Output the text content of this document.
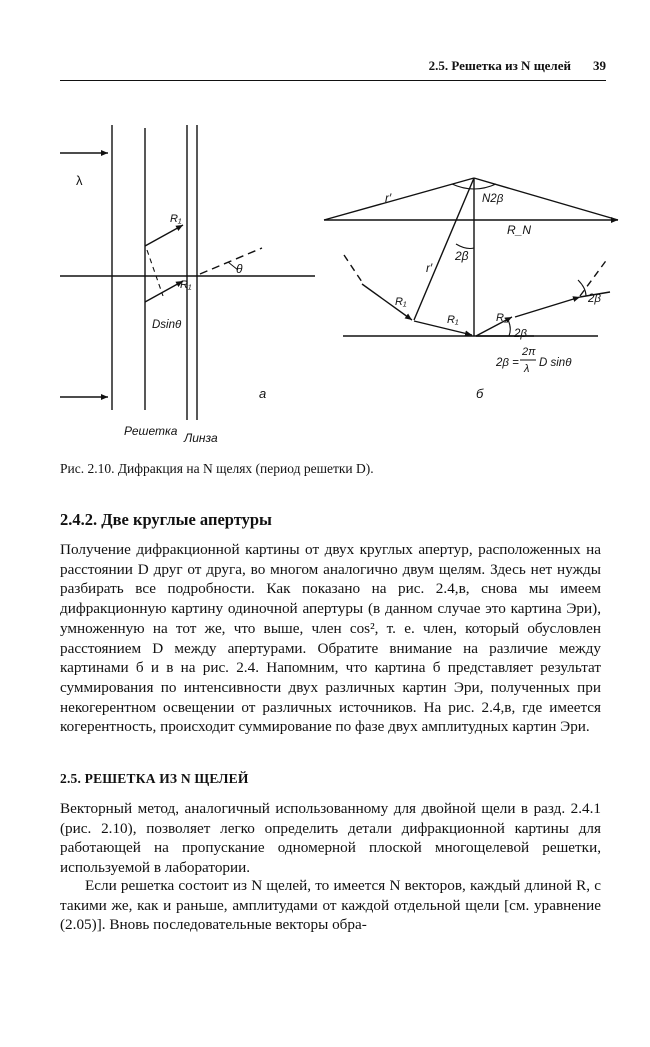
2.5. Решетка из N щелей 39
λ
R₁
R₁
θ
Dsinθ
a
Решетка Линза
r′	N2β
R_N
2β
r′
R₁
R₁	R₁
2β
2β
2β =
2π
λ D sinθ
б
Рис. 2.10. Дифракция на N щелях (период решетки D).
2.4.2. Две круглые апертуры

Получение дифракционной картины от двух круглых апертур, расположенных на расстоянии D друг от друга, во многом аналогично двум щелям. Здесь нет нужды разбирать все подробности. Как показано на рис. 2.4,в, снова мы имеем дифракционную картину одиночной апертуры (в данном случае это картина Эри), умноженную на тот же, что выше, член cos², т. е. член, который обусловлен расстоянием D между апертурами. Обратите внимание на различие между картинами б и в на рис. 2.4. Напомним, что картина б представляет результат суммирования по интенсивности двух различных картин Эри, полученных при некогерентном освещении от различных источников. На рис. 2.4,в, где имеется когерентность, происходит суммирование по фазе двух амплитудных картин Эри.

2.5. РЕШЕТКА ИЗ N ЩЕЛЕЙ

Векторный метод, аналогичный использованному для двойной щели в разд. 2.4.1 (рис. 2.10), позволяет легко определить детали дифракционной картины для работающей на пропускание одномерной плоской многощелевой решетки, используемой в лаборатории.

Если решетка состоит из N щелей, то имеется N векторов, каждый длиной R, с такими же, как и раньше, амплитудами от каждой отдельной щели [см. уравнение (2.05)]. Вновь последовательные векторы обра-
